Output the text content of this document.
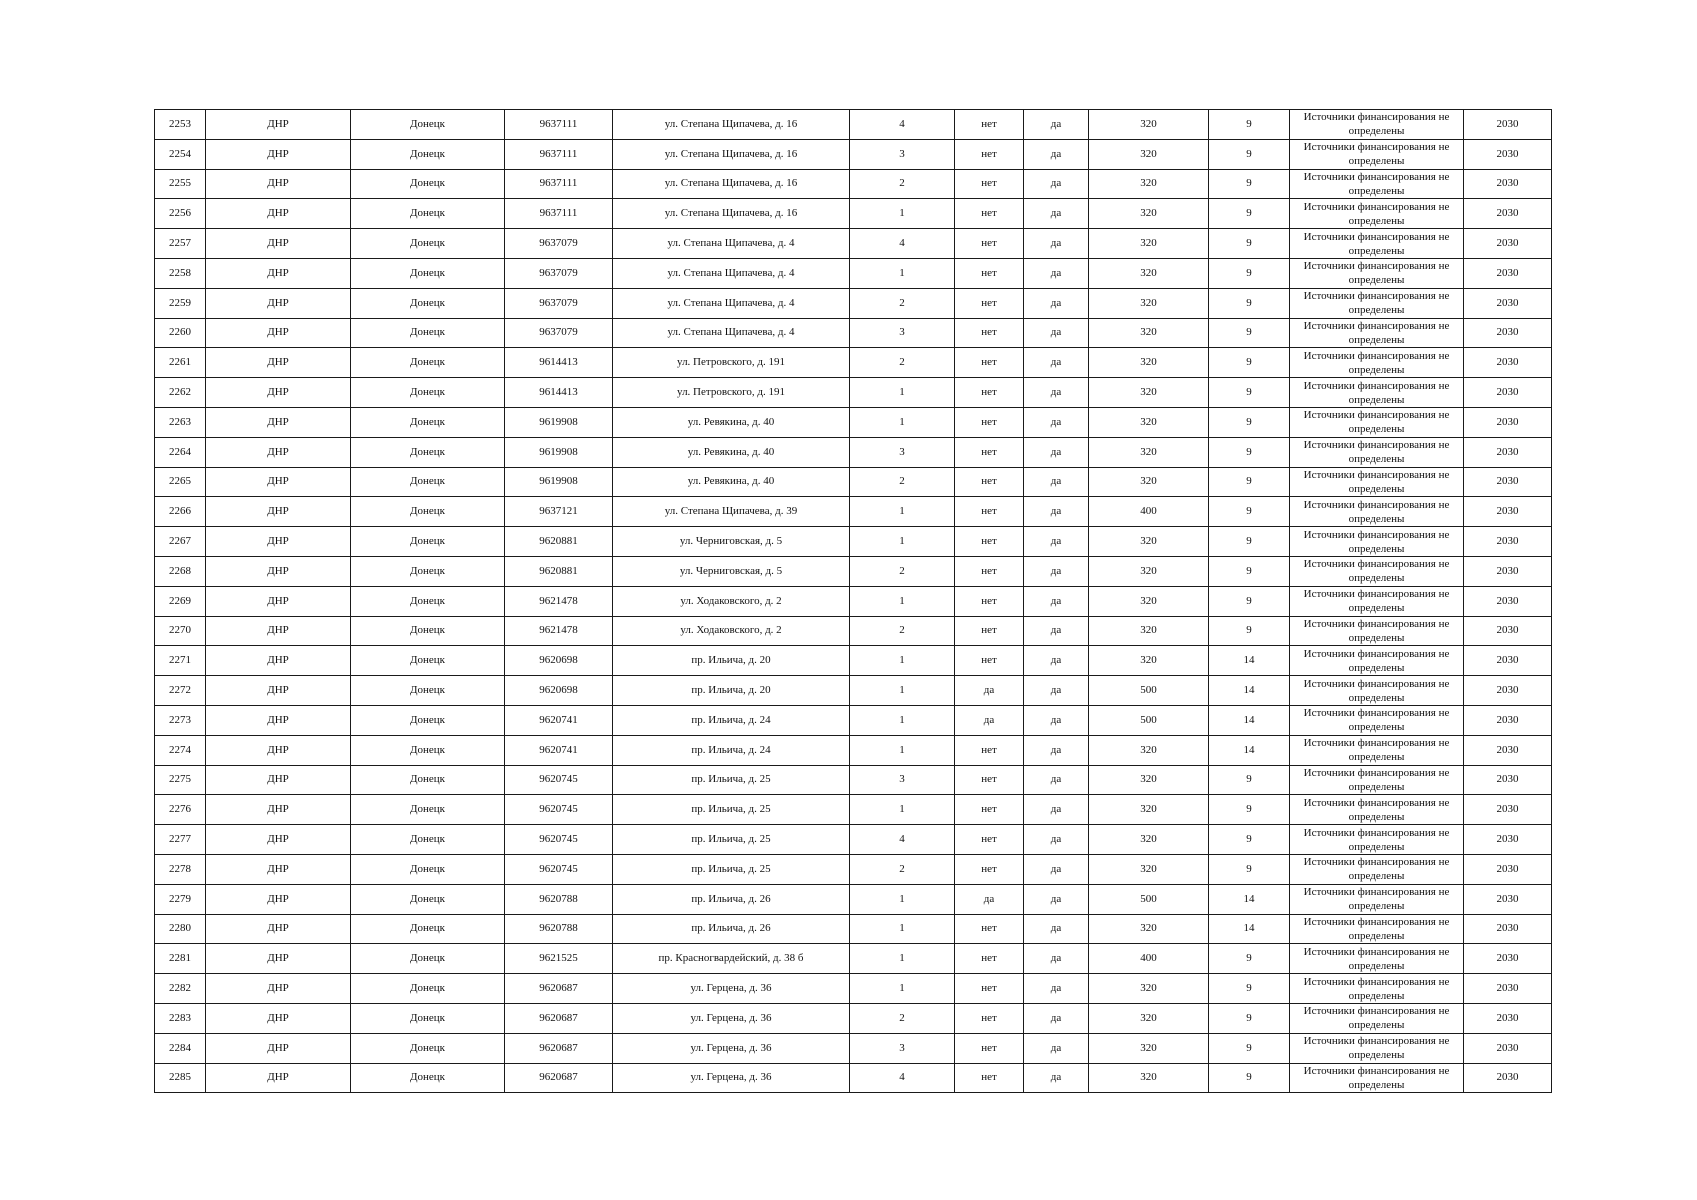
2253	ДНР	Донецк	9637111	ул. Степана Щипачева, д. 16	4	нет	да	320	9	Источники финансирования не определены	2030
2254	ДНР	Донецк	9637111	ул. Степана Щипачева, д. 16	3	нет	да	320	9	Источники финансирования не определены	2030
2255	ДНР	Донецк	9637111	ул. Степана Щипачева, д. 16	2	нет	да	320	9	Источники финансирования не определены	2030
2256	ДНР	Донецк	9637111	ул. Степана Щипачева, д. 16	1	нет	да	320	9	Источники финансирования не определены	2030
2257	ДНР	Донецк	9637079	ул. Степана Щипачева, д. 4	4	нет	да	320	9	Источники финансирования не определены	2030
2258	ДНР	Донецк	9637079	ул. Степана Щипачева, д. 4	1	нет	да	320	9	Источники финансирования не определены	2030
2259	ДНР	Донецк	9637079	ул. Степана Щипачева, д. 4	2	нет	да	320	9	Источники финансирования не определены	2030
2260	ДНР	Донецк	9637079	ул. Степана Щипачева, д. 4	3	нет	да	320	9	Источники финансирования не определены	2030
2261	ДНР	Донецк	9614413	ул. Петровского, д. 191	2	нет	да	320	9	Источники финансирования не определены	2030
2262	ДНР	Донецк	9614413	ул. Петровского, д. 191	1	нет	да	320	9	Источники финансирования не определены	2030
2263	ДНР	Донецк	9619908	ул. Ревякина, д. 40	1	нет	да	320	9	Источники финансирования не определены	2030
2264	ДНР	Донецк	9619908	ул. Ревякина, д. 40	3	нет	да	320	9	Источники финансирования не определены	2030
2265	ДНР	Донецк	9619908	ул. Ревякина, д. 40	2	нет	да	320	9	Источники финансирования не определены	2030
2266	ДНР	Донецк	9637121	ул. Степана Щипачева, д. 39	1	нет	да	400	9	Источники финансирования не определены	2030
2267	ДНР	Донецк	9620881	ул. Черниговская, д. 5	1	нет	да	320	9	Источники финансирования не определены	2030
2268	ДНР	Донецк	9620881	ул. Черниговская, д. 5	2	нет	да	320	9	Источники финансирования не определены	2030
2269	ДНР	Донецк	9621478	ул. Ходаковского, д. 2	1	нет	да	320	9	Источники финансирования не определены	2030
2270	ДНР	Донецк	9621478	ул. Ходаковского, д. 2	2	нет	да	320	9	Источники финансирования не определены	2030
2271	ДНР	Донецк	9620698	пр. Ильича, д. 20	1	нет	да	320	14	Источники финансирования не определены	2030
2272	ДНР	Донецк	9620698	пр. Ильича, д. 20	1	да	да	500	14	Источники финансирования не определены	2030
2273	ДНР	Донецк	9620741	пр. Ильича, д. 24	1	да	да	500	14	Источники финансирования не определены	2030
2274	ДНР	Донецк	9620741	пр. Ильича, д. 24	1	нет	да	320	14	Источники финансирования не определены	2030
2275	ДНР	Донецк	9620745	пр. Ильича, д. 25	3	нет	да	320	9	Источники финансирования не определены	2030
2276	ДНР	Донецк	9620745	пр. Ильича, д. 25	1	нет	да	320	9	Источники финансирования не определены	2030
2277	ДНР	Донецк	9620745	пр. Ильича, д. 25	4	нет	да	320	9	Источники финансирования не определены	2030
2278	ДНР	Донецк	9620745	пр. Ильича, д. 25	2	нет	да	320	9	Источники финансирования не определены	2030
2279	ДНР	Донецк	9620788	пр. Ильича, д. 26	1	да	да	500	14	Источники финансирования не определены	2030
2280	ДНР	Донецк	9620788	пр. Ильича, д. 26	1	нет	да	320	14	Источники финансирования не определены	2030
2281	ДНР	Донецк	9621525	пр. Красногвардейский, д. 38 б	1	нет	да	400	9	Источники финансирования не определены	2030
2282	ДНР	Донецк	9620687	ул. Герцена, д. 36	1	нет	да	320	9	Источники финансирования не определены	2030
2283	ДНР	Донецк	9620687	ул. Герцена, д. 36	2	нет	да	320	9	Источники финансирования не определены	2030
2284	ДНР	Донецк	9620687	ул. Герцена, д. 36	3	нет	да	320	9	Источники финансирования не определены	2030
2285	ДНР	Донецк	9620687	ул. Герцена, д. 36	4	нет	да	320	9	Источники финансирования не определены	2030
